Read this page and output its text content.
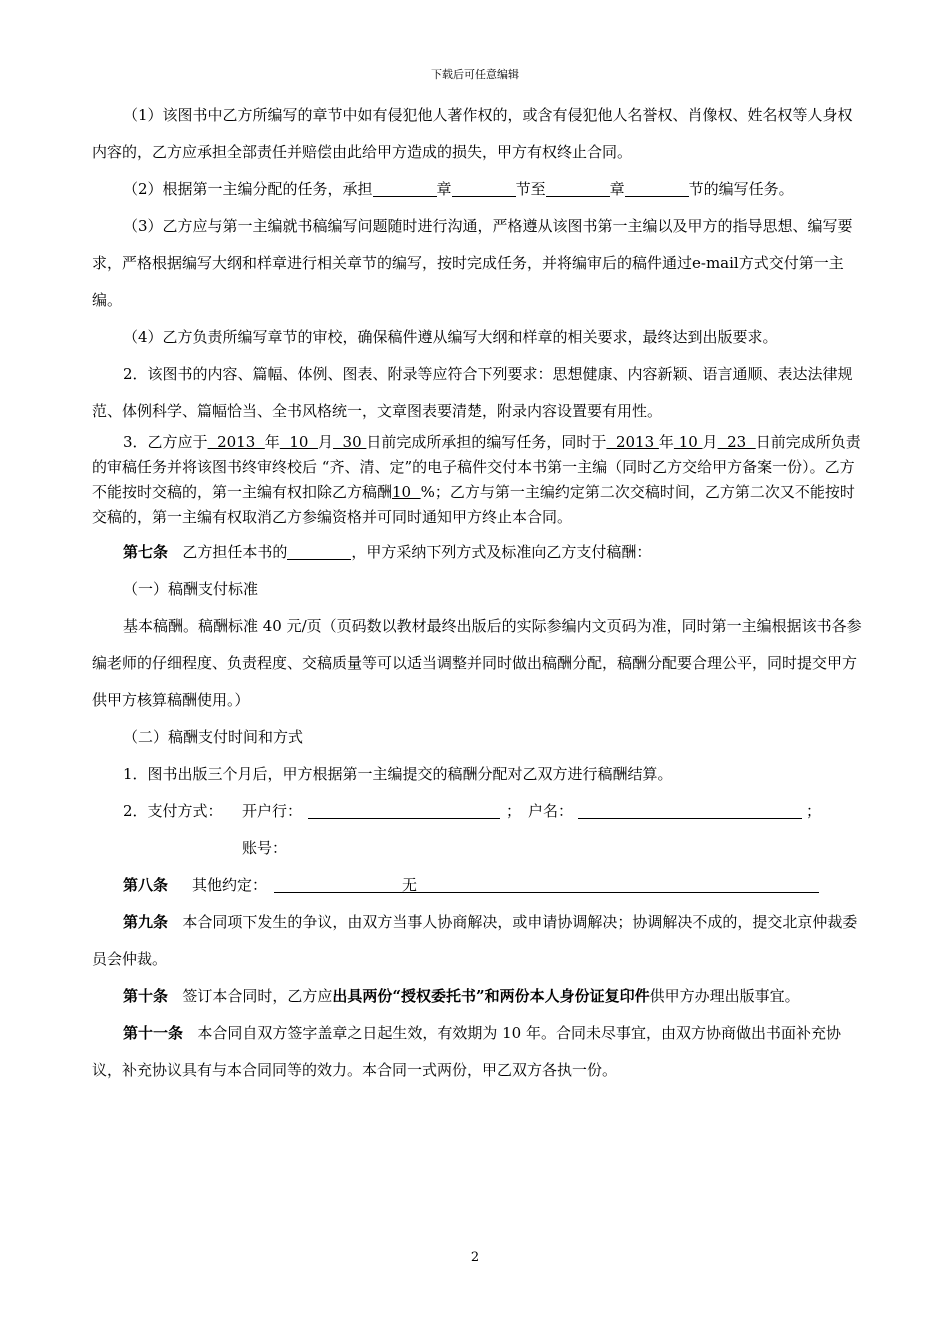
下载后可任意编辑

（1）该图书中乙方所编写的章节中如有侵犯他人著作权的，或含有侵犯他人名誉权、肖像权、姓名权等人身权内容的，乙方应承担全部责任并赔偿由此给甲方造成的损失，甲方有权终止合同。

（2）根据第一主编分配的任务，承担	章	节至	章	节的编写任务。

（3）乙方应与第一主编就书稿编写问题随时进行沟通，严格遵从该图书第一主编以及甲方的指导思想、编写要求，严格根据编写大纲和样章进行相关章节的编写，按时完成任务，并将编审后的稿件通过e-mail方式交付第一主编。

（4）乙方负责所编写章节的审校，确保稿件遵从编写大纲和样章的相关要求，最终达到出版要求。

2．该图书的内容、篇幅、体例、图表、附录等应符合下列要求：思想健康、内容新颖、语言通顺、表达法律规范、体例科学、篇幅恰当、全书风格统一，文章图表要清楚，附录内容设置要有用性。

3．乙方应于  2013  年  10  月  30 日前完成所承担的编写任务，同时于  2013 年 10 月  23  日前完成所负责的审稿任务并将该图书终审终校后 “齐、清、定”的电子稿件交付本书第一主编（同时乙方交给甲方备案一份）。乙方不能按时交稿的，第一主编有权扣除乙方稿酬10  %；乙方与第一主编约定第二次交稿时间，乙方第二次又不能按时交稿的，第一主编有权取消乙方参编资格并可同时通知甲方终止本合同。

第七条 乙方担任本书的	，甲方采纳下列方式及标准向乙方支付稿酬：

（一）稿酬支付标准

基本稿酬。稿酬标准 40 元/页（页码数以教材最终出版后的实际参编内文页码为准，同时第一主编根据该书各参编老师的仔细程度、负责程度、交稿质量等可以适当调整并同时做出稿酬分配，稿酬分配要合理公平，同时提交甲方供甲方核算稿酬使用。）

（二）稿酬支付时间和方式

1．图书出版三个月后，甲方根据第一主编提交的稿酬分配对乙双方进行稿酬结算。

2．支付方式： 开户行：	； 户名：	；
账号：
第八条 其他约定：	无

第九条 本合同项下发生的争议，由双方当事人协商解决，或申请协调解决；协调解决不成的，提交北京仲裁委员会仲裁。

第十条 签订本合同时，乙方应出具两份“授权委托书”和两份本人身份证复印件供甲方办理出版事宜。

第十一条 本合同自双方签字盖章之日起生效，有效期为 10 年。合同未尽事宜，由双方协商做出书面补充协议，补充协议具有与本合同同等的效力。本合同一式两份，甲乙双方各执一份。

2
